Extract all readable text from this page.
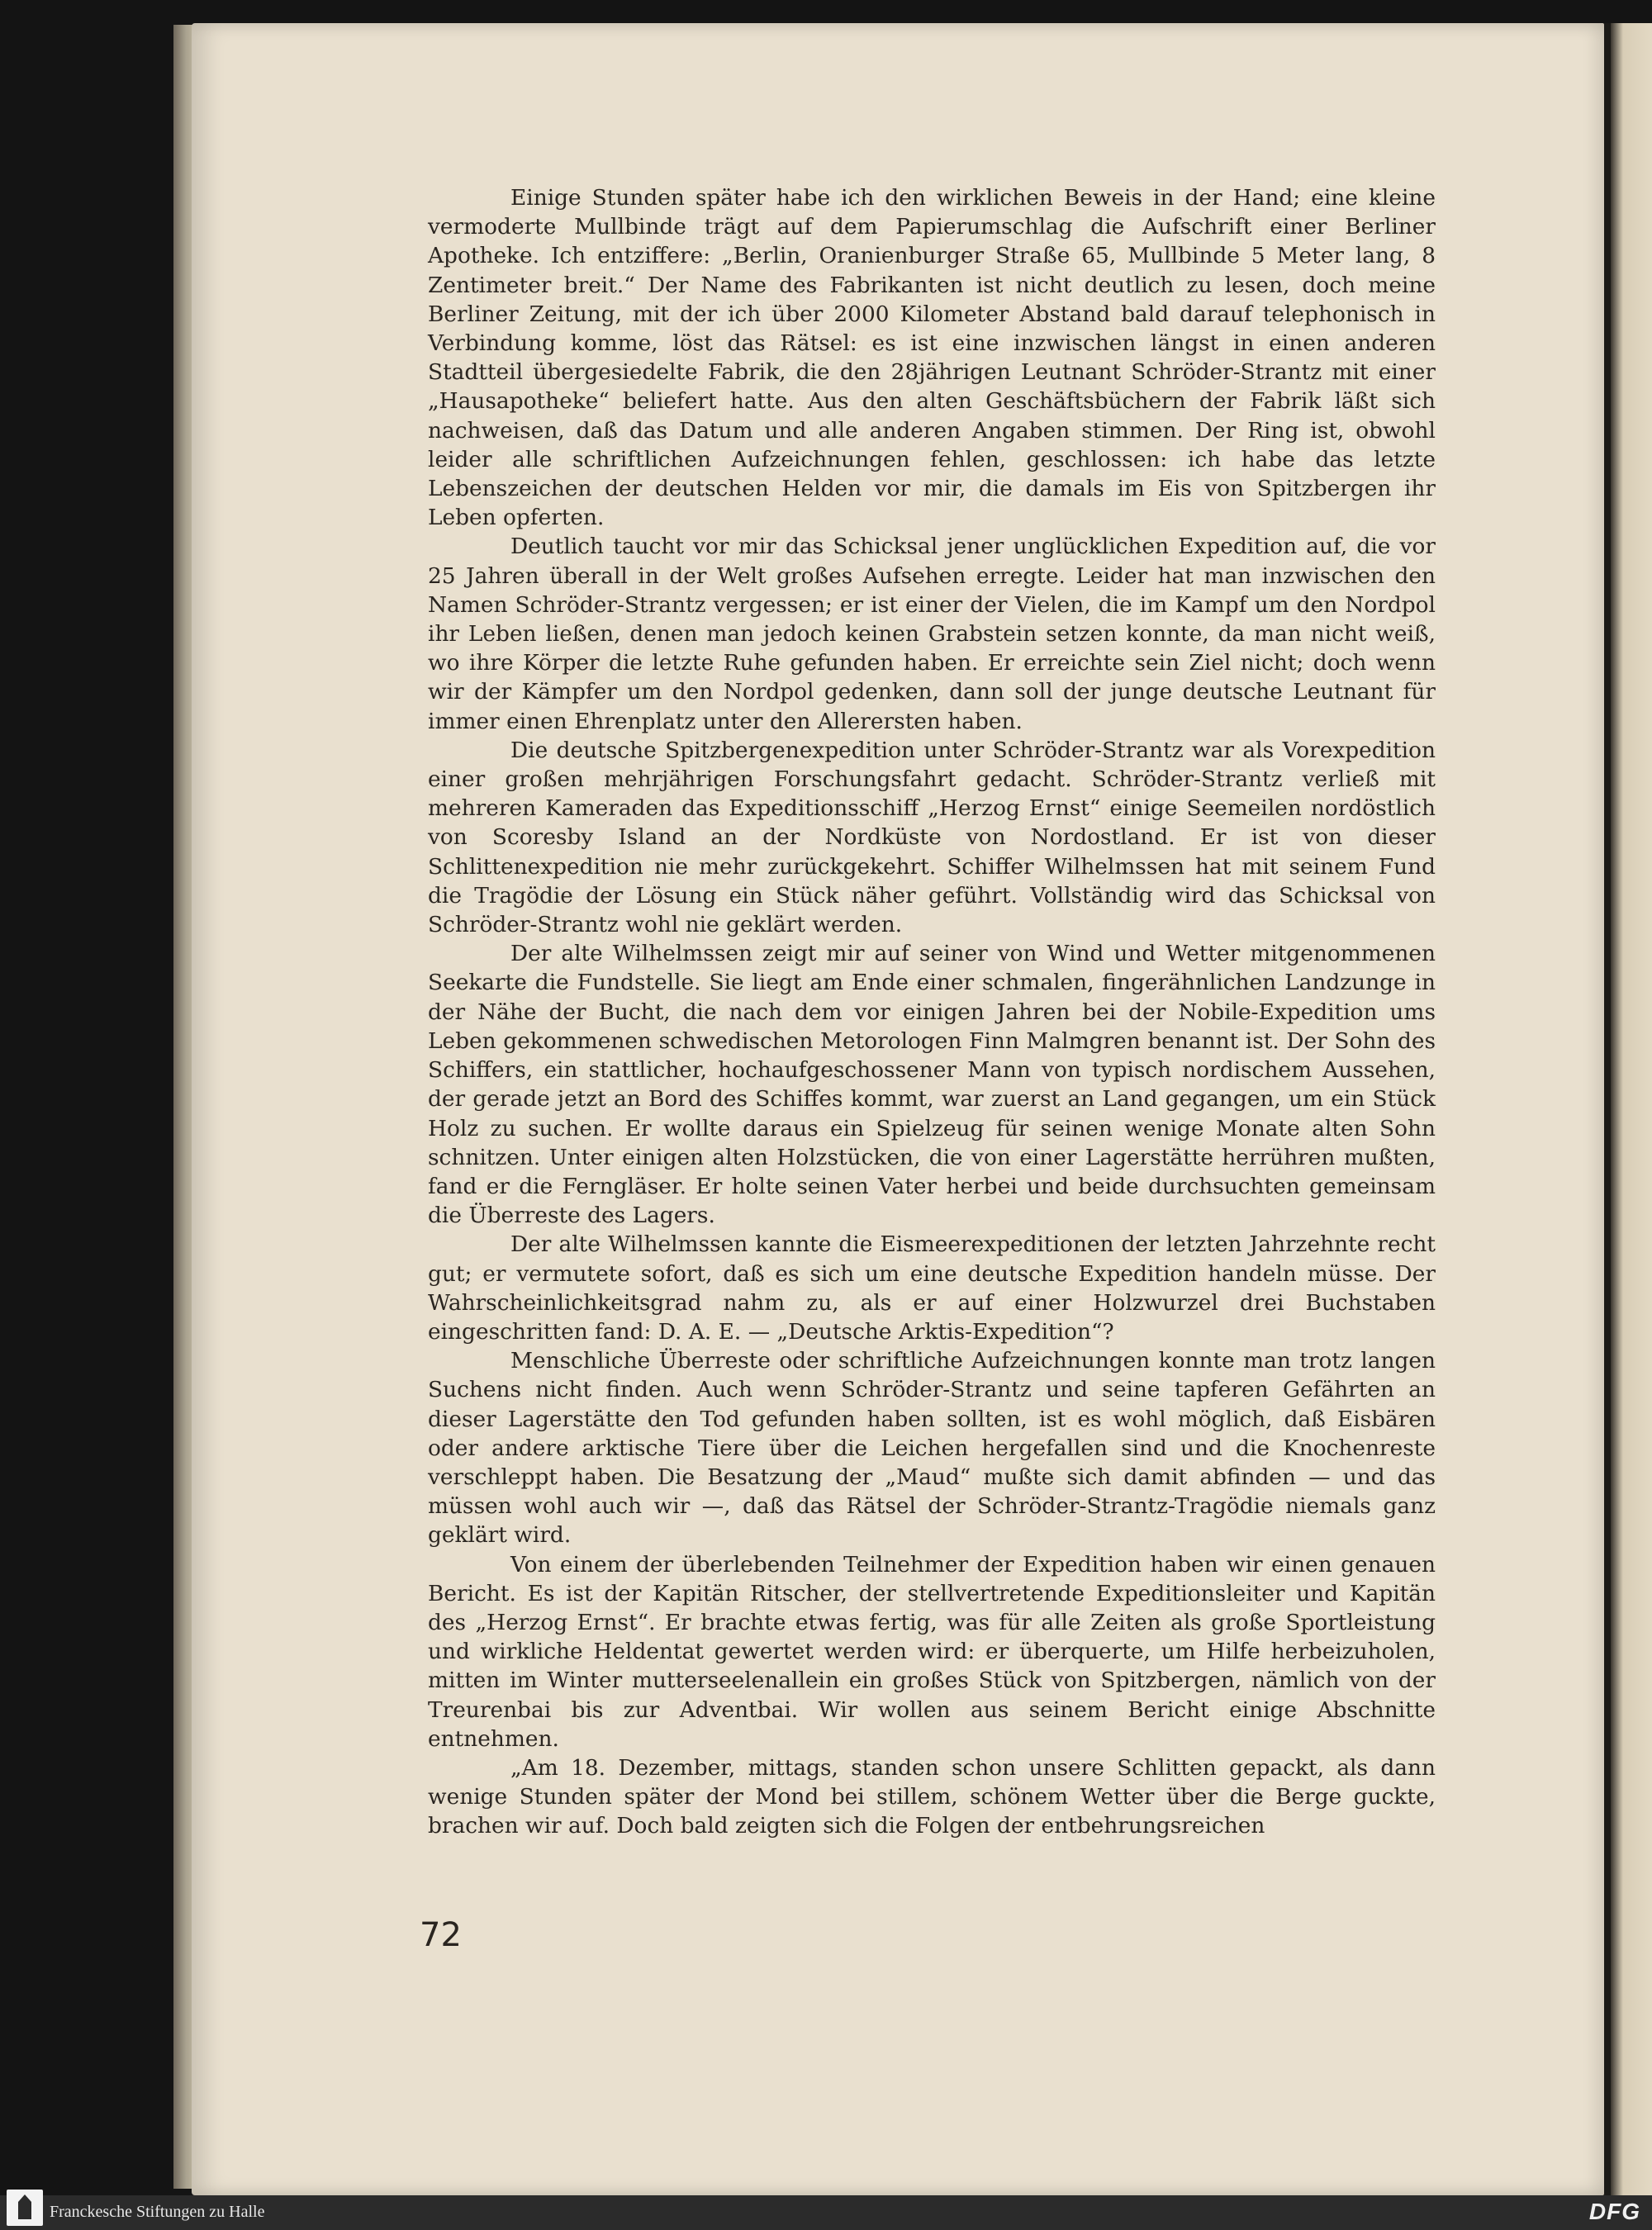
Einige Stunden später habe ich den wirklichen Beweis in der Hand; eine kleine vermoderte Mullbinde trägt auf dem Papierumschlag die Aufschrift einer Berliner Apotheke. Ich entziffere: „Berlin, Oranienburger Straße 65, Mullbinde 5 Meter lang, 8 Zentimeter breit.“ Der Name des Fabrikanten ist nicht deutlich zu lesen, doch meine Berliner Zeitung, mit der ich über 2000 Kilometer Abstand bald darauf telephonisch in Verbindung komme, löst das Rätsel: es ist eine inzwischen längst in einen anderen Stadtteil übergesiedelte Fabrik, die den 28jährigen Leutnant Schröder-Strantz mit einer „Hausapotheke“ beliefert hatte. Aus den alten Geschäftsbüchern der Fabrik läßt sich nachweisen, daß das Datum und alle anderen Angaben stimmen. Der Ring ist, obwohl leider alle schriftlichen Aufzeichnungen fehlen, geschlossen: ich habe das letzte Lebenszeichen der deutschen Helden vor mir, die damals im Eis von Spitzbergen ihr Leben opferten.

Deutlich taucht vor mir das Schicksal jener unglücklichen Expedition auf, die vor 25 Jahren überall in der Welt großes Aufsehen erregte. Leider hat man inzwischen den Namen Schröder-Strantz vergessen; er ist einer der Vielen, die im Kampf um den Nordpol ihr Leben ließen, denen man jedoch keinen Grabstein setzen konnte, da man nicht weiß, wo ihre Körper die letzte Ruhe gefunden haben. Er erreichte sein Ziel nicht; doch wenn wir der Kämpfer um den Nordpol gedenken, dann soll der junge deutsche Leutnant für immer einen Ehrenplatz unter den Allerersten haben.

Die deutsche Spitzbergenexpedition unter Schröder-Strantz war als Vorexpedition einer großen mehrjährigen Forschungsfahrt gedacht. Schröder-Strantz verließ mit mehreren Kameraden das Expeditionsschiff „Herzog Ernst“ einige Seemeilen nordöstlich von Scoresby Island an der Nordküste von Nordostland. Er ist von dieser Schlittenexpedition nie mehr zurückgekehrt. Schiffer Wilhelmssen hat mit seinem Fund die Tragödie der Lösung ein Stück näher geführt. Vollständig wird das Schicksal von Schröder-Strantz wohl nie geklärt werden.

Der alte Wilhelmssen zeigt mir auf seiner von Wind und Wetter mitgenommenen Seekarte die Fundstelle. Sie liegt am Ende einer schmalen, fingerähnlichen Landzunge in der Nähe der Bucht, die nach dem vor einigen Jahren bei der Nobile-Expedition ums Leben gekommenen schwedischen Metorologen Finn Malmgren benannt ist. Der Sohn des Schiffers, ein stattlicher, hochaufgeschossener Mann von typisch nordischem Aussehen, der gerade jetzt an Bord des Schiffes kommt, war zuerst an Land gegangen, um ein Stück Holz zu suchen. Er wollte daraus ein Spielzeug für seinen wenige Monate alten Sohn schnitzen. Unter einigen alten Holzstücken, die von einer Lagerstätte herrühren mußten, fand er die Ferngläser. Er holte seinen Vater herbei und beide durchsuchten gemeinsam die Überreste des Lagers.

Der alte Wilhelmssen kannte die Eismeerexpeditionen der letzten Jahrzehnte recht gut; er vermutete sofort, daß es sich um eine deutsche Expedition handeln müsse. Der Wahrscheinlichkeitsgrad nahm zu, als er auf einer Holzwurzel drei Buchstaben eingeschritten fand: D. A. E. — „Deutsche Arktis-Expedition“?

Menschliche Überreste oder schriftliche Aufzeichnungen konnte man trotz langen Suchens nicht finden. Auch wenn Schröder-Strantz und seine tapferen Gefährten an dieser Lagerstätte den Tod gefunden haben sollten, ist es wohl möglich, daß Eisbären oder andere arktische Tiere über die Leichen hergefallen sind und die Knochenreste verschleppt haben. Die Besatzung der „Maud“ mußte sich damit abfinden — und das müssen wohl auch wir —, daß das Rätsel der Schröder-Strantz-Tragödie niemals ganz geklärt wird.

Von einem der überlebenden Teilnehmer der Expedition haben wir einen genauen Bericht. Es ist der Kapitän Ritscher, der stellvertretende Expeditionsleiter und Kapitän des „Herzog Ernst“. Er brachte etwas fertig, was für alle Zeiten als große Sportleistung und wirkliche Heldentat gewertet werden wird: er überquerte, um Hilfe herbeizuholen, mitten im Winter mutterseelenallein ein großes Stück von Spitzbergen, nämlich von der Treurenbai bis zur Adventbai. Wir wollen aus seinem Bericht einige Abschnitte entnehmen.

„Am 18. Dezember, mittags, standen schon unsere Schlitten gepackt, als dann wenige Stunden später der Mond bei stillem, schönem Wetter über die Berge guckte, brachen wir auf. Doch bald zeigten sich die Folgen der entbehrungsreichen

72
Franckesche Stiftungen zu Halle	DFG
